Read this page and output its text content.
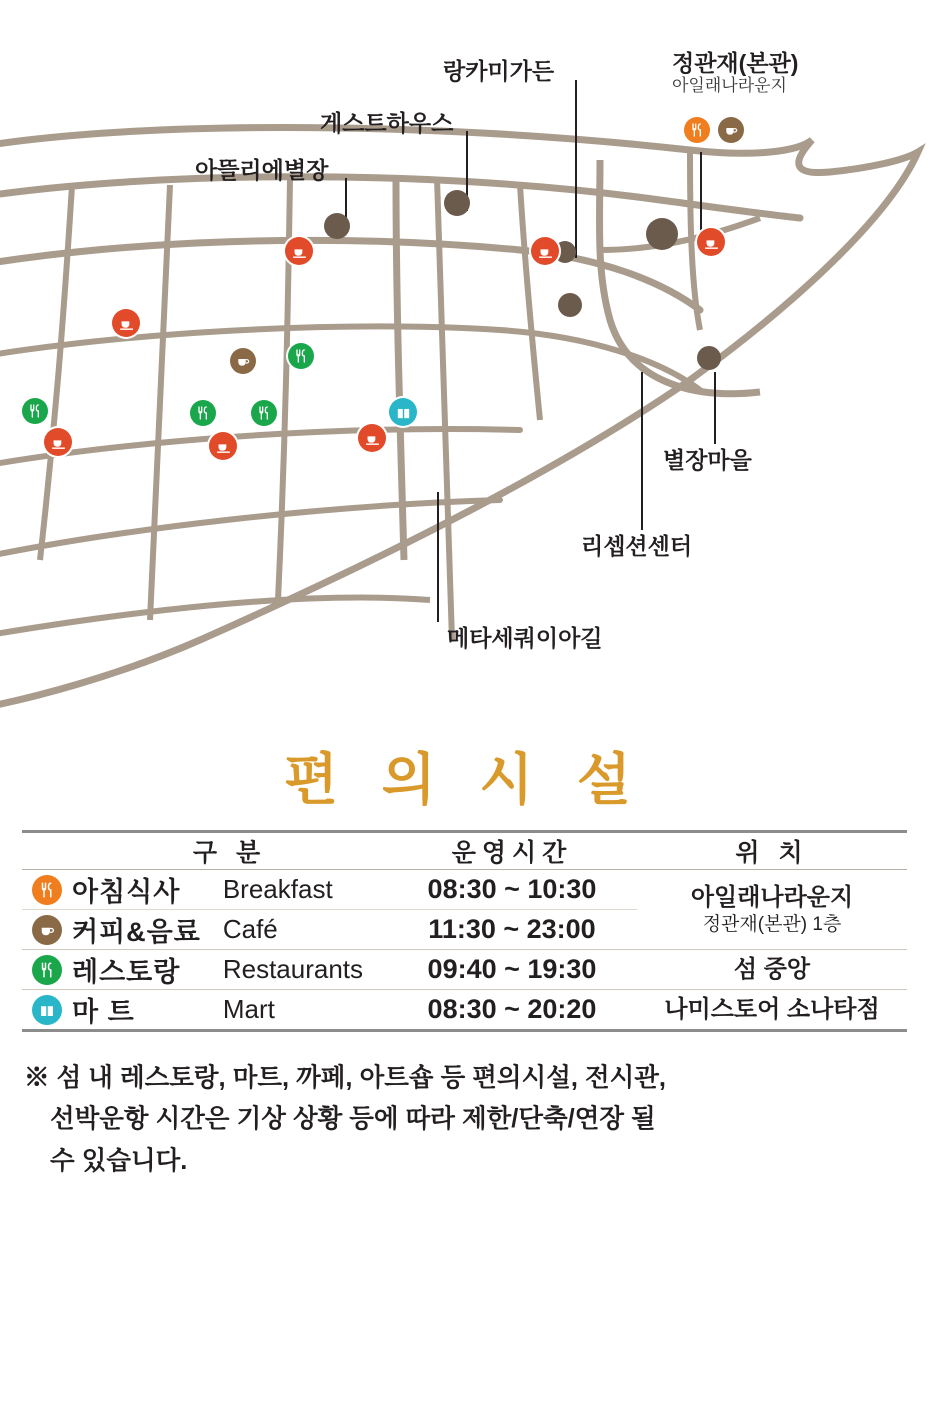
아뜰리에별장
게스트하우스
랑카미가든	정관재(본관)
아일래나라운지
별장마을
리셉션센터
메타세쿼이아길
편 의 시 설
	구 분		운영시간	위 치

	아침식사	Breakfast	08:30 ~ 10:30	아일래나라운지
정관재(본관) 1층

	커피&음료	Café	11:30 ~ 23:00	

	레스토랑	Restaurants	09:40 ~ 19:30	섬 중앙

	마 트	Mart	08:30 ~ 20:20	나미스토어 소나타점
※ 섬 내 레스토랑, 마트, 까페, 아트숍 등 편의시설, 전시관,
선박운항 시간은 기상 상황 등에 따라 제한/단축/연장 될
수 있습니다.
